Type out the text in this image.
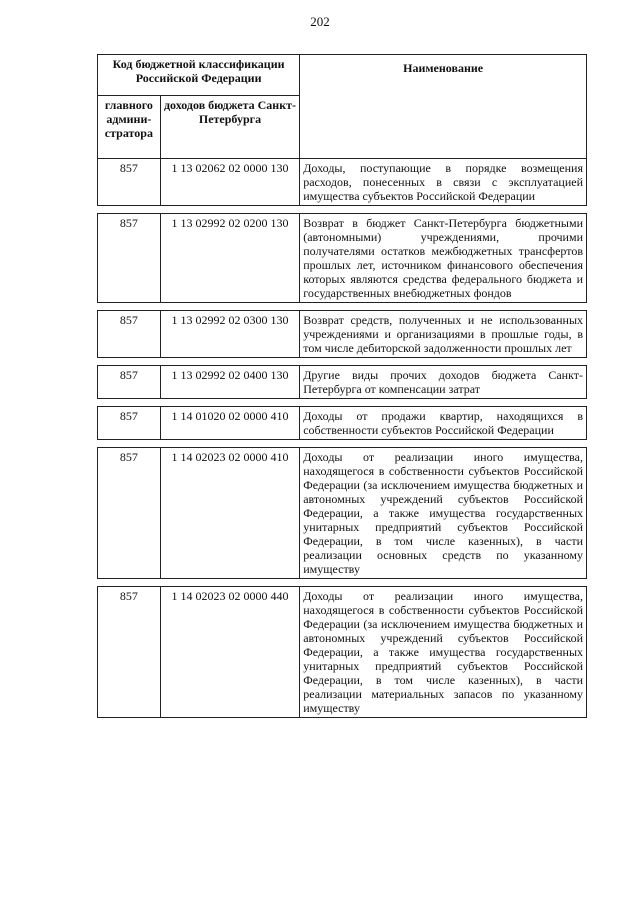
202
Код бюджетной классификации Российской Федерации		Наименование
главного админи-стратора	доходов бюджета Санкт-Петербурга	
857	1 13 02062 02 0000 130	Доходы, поступающие в порядке возмещения расходов, понесенных в связи с эксплуатацией имущества субъектов Российской Федерации

857	1 13 02992 02 0200 130	Возврат в бюджет Санкт-Петербурга бюджетными (автономными) учреждениями, прочими получателями остатков межбюджетных трансфертов прошлых лет, источником финансового обеспечения которых являются средства федерального бюджета и государственных внебюджетных фондов

857	1 13 02992 02 0300 130	Возврат средств, полученных и не использованных учреждениями и организациями в прошлые годы, в том числе дебиторской задолженности прошлых лет

857	1 13 02992 02 0400 130	Другие виды прочих доходов бюджета Санкт-Петербурга от компенсации затрат

857	1 14 01020 02 0000 410	Доходы от продажи квартир, находящихся в собственности субъектов Российской Федерации

857	1 14 02023 02 0000 410	Доходы от реализации иного имущества, находящегося в собственности субъектов Российской Федерации (за исключением имущества бюджетных и автономных учреждений субъектов Российской Федерации, а также имущества государственных унитарных предприятий субъектов Российской Федерации, в том числе казенных), в части реализации основных средств по указанному имуществу

857	1 14 02023 02 0000 440	Доходы от реализации иного имущества, находящегося в собственности субъектов Российской Федерации (за исключением имущества бюджетных и автономных учреждений субъектов Российской Федерации, а также имущества государственных унитарных предприятий субъектов Российской Федерации, в том числе казенных), в части реализации материальных запасов по указанному имуществу
